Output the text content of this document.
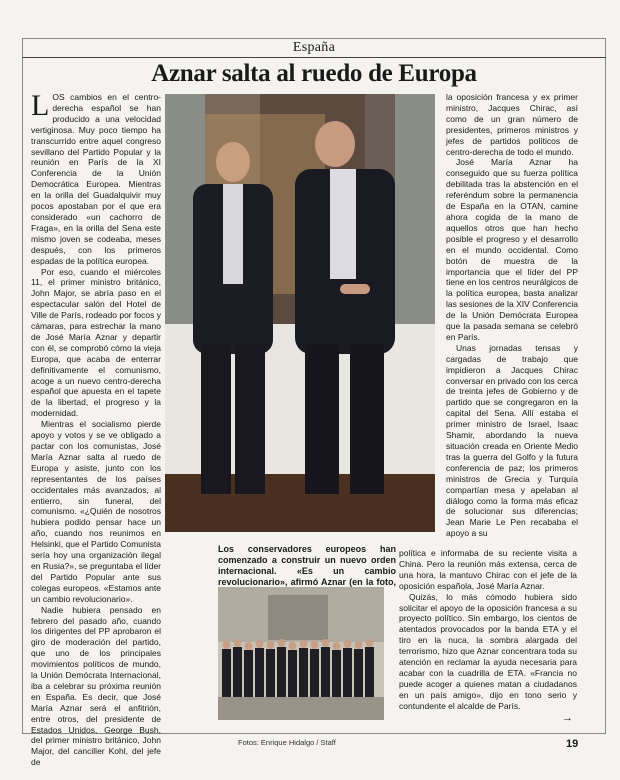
España
Aznar salta al ruedo de Europa

LOS cambios en el centro-derecha español se han producido a una velocidad vertiginosa. Muy poco tiempo ha transcurrido entre aquel congreso sevillano del Partido Popular y la reunión en París de la XI Conferencia de la Unión Democrática Europea. Mientras en la orilla del Guadalquivir muy pocos apostaban por el que era considerado «un cachorro de Fraga», en la orilla del Sena este mismo joven se codeaba, meses después, con los primeros espadas de la política europea.

Por eso, cuando el miércoles 11, el primer ministro británico, John Major, se abría paso en el espectacular salón del Hotel de Ville de París, rodeado por focos y cámaras, para estrechar la mano de José María Aznar y departir con él, se comprobó cómo la vieja Europa, que acaba de enterrar definitivamente el comunismo, acoge a un nuevo centro-derecha español que apuesta en el tapete de la libertad, el progreso y la modernidad.

Mientras el socialismo pierde apoyo y votos y se ve obligado a pactar con los comunistas, José María Aznar salta al ruedo de Europa y asiste, junto con los representantes de los países occidentales más avanzados, al entierro, sin funeral, del comunismo. «¿Quién de nosotros hubiera podido pensar hace un año, cuando nos reunimos en Helsinki, que el Partido Comunista sería hoy una organización ilegal en Rusia?», se preguntaba el líder del Partido Popular ante sus colegas europeos. «Estamos ante un cambio revolucionario».

Nadie hubiera pensado en febrero del pasado año, cuando los dirigentes del PP aprobaron el giro de moderación del partido, que uno de los principales movimientos políticos de mundo, la Unión Demócrata Internacional, iba a celebrar su próxima reunión en España. Es decir, que José María Aznar será el anfitrión, entre otros, del presidente de Estados Unidos, George Bush, del primer ministro británico, John Major, del canciller Kohl, del jefe de

Los conservadores europeos han comenzado a construir un nuevo orden internacional. «Es un cambio revolucionario», afirmó Aznar (en la foto,

la oposición francesa y ex primer ministro, Jacques Chirac, así como de un gran número de presidentes, primeros ministros y jefes de partidos políticos de centro-derecha de todo el mundo.

José María Aznar ha conseguido que su fuerza política debilitada tras la abstención en el referéndum sobre la permanencia de España en la OTAN, camine ahora cogida de la mano de aquellos otros que han hecho posible el progreso y el desarrollo en el mundo occidental. Como botón de muestra de la importancia que el líder del PP tiene en los centros neurálgicos de la política europea, basta analizar las sesiones de la XIV Conferencia de la Unión Demócrata Europea que la pasada semana se celebró en París.

Unas jornadas tensas y cargadas de trabajo que impidieron a Jacques Chirac conversar en privado con los cerca de treinta jefes de Gobierno y de partido que se congregaron en la capital del Sena. Allí estaba el primer ministro de Israel, Isaac Shamir, abordando la nueva situación creada en Oriente Medio tras la guerra del Golfo y la futura conferencia de paz; los primeros ministros de Grecia y Turquía compartían mesa y apelaban al diálogo como la forma más eficaz de solucionar sus diferencias; Jean Marie Le Pen recababa el apoyo a su

política e informaba de su reciente visita a China. Pero la reunión más extensa, cerca de una hora, la mantuvo Chirac con el jefe de la oposición española, José María Aznar.

Quizás, lo más cómodo hubiera sido solicitar el apoyo de la oposición francesa a su proyecto político. Sin embargo, los cientos de atentados provocados por la banda ETA y el tiro en la nuca, la sombra alargada del terrorismo, hizo que Aznar concentrara toda su atención en reclamar la ayuda necesaria para acabar con la cuadrilla de ETA. «Francia no puede acoger a quienes matan a ciudadanos en un país amigo», dijo en tono serio y contundente el alcalde de París.

→
Fotos: Enrique Hidalgo / Staff	19
